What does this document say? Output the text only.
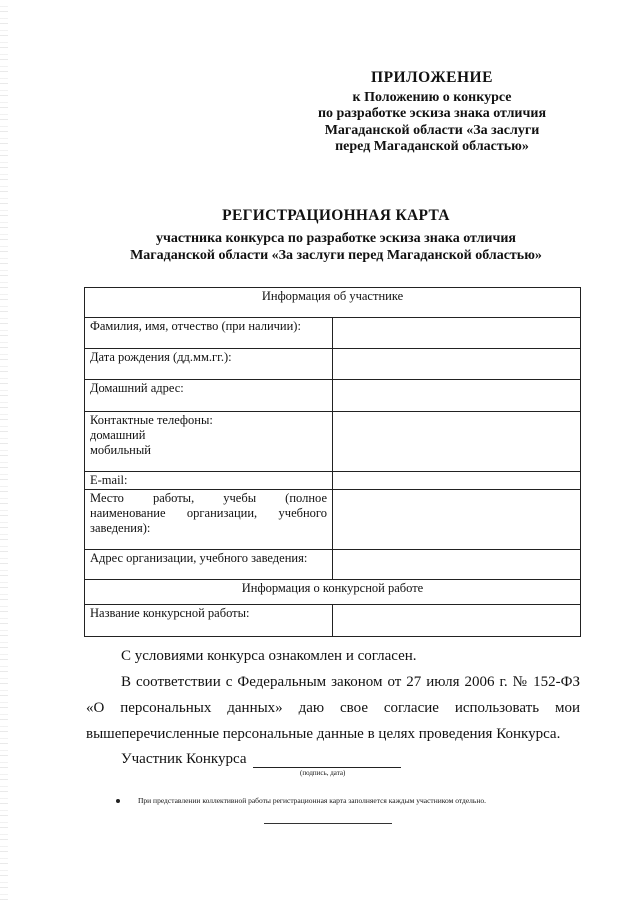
ПРИЛОЖЕНИЕ
к Положению о конкурсе
по разработке эскиза знака отличия
Магаданской области «За заслуги
перед Магаданской областью»
РЕГИСТРАЦИОННАЯ КАРТА
участника конкурса по разработке эскиза знака отличия
Магаданской области «За заслуги перед Магаданской областью»
Информация об участнике	
Фамилия, имя, отчество (при наличии):	
Дата рождения (дд.мм.гг.):	
Домашний адрес:	

Контактные телефоны:
домашний
мобильный	

E-mail:	

Место работы, учебы (полное наименование организации, учебного заведения):	

Адрес организации, учебного заведения:	
Информация о конкурсной работе	
Название конкурсной работы:	
С условиями конкурса ознакомлен и согласен.
В соответствии с Федеральным законом от 27 июля 2006 г. № 152-ФЗ
«О персональных данных» даю свое согласие использовать мои
вышеперечисленные персональные данные в целях проведения Конкурса.
Участник Конкурса
(подпись, дата)
При представлении коллективной работы регистрационная карта заполняется каждым участником отдельно.
